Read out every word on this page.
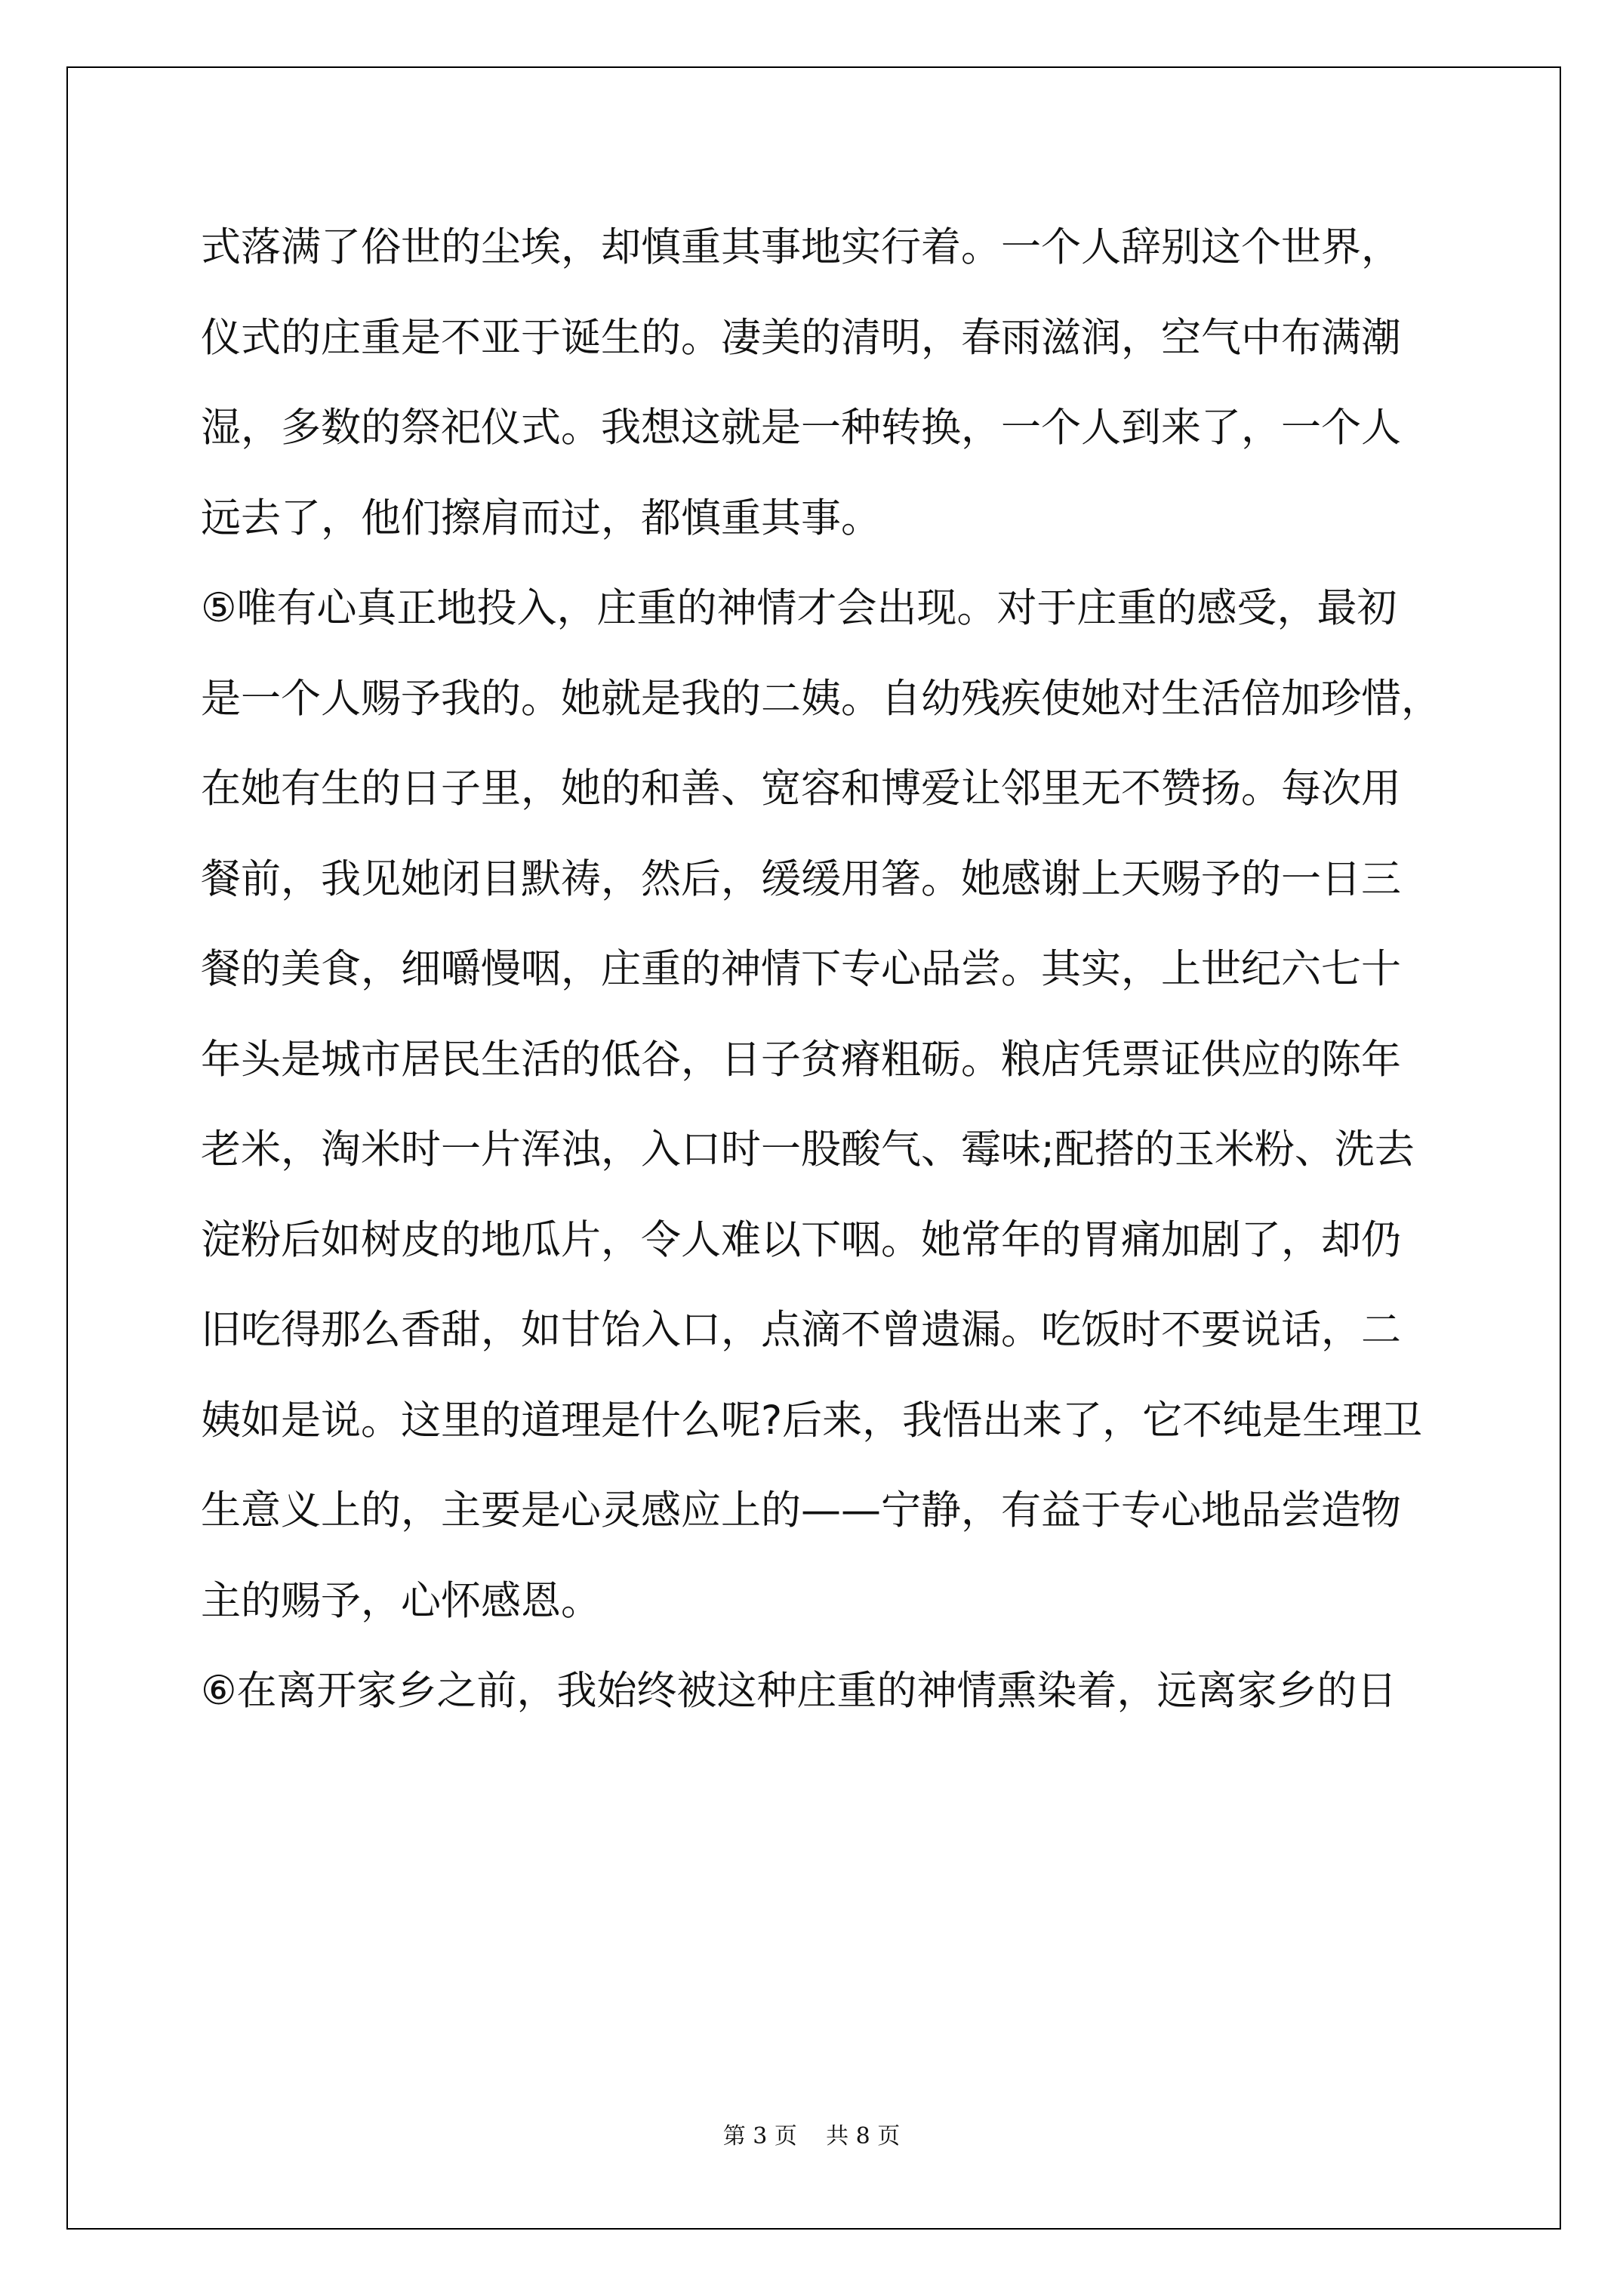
式落满了俗世的尘埃，却慎重其事地实行着。一个人辞别这个世界，
仪式的庄重是不亚于诞生的。凄美的清明，春雨滋润，空气中布满潮
湿，多数的祭祀仪式。我想这就是一种转换，一个人到来了，一个人
远去了，他们擦肩而过，都慎重其事。
⑤唯有心真正地投入，庄重的神情才会出现。对于庄重的感受，最初
是一个人赐予我的。她就是我的二姨。自幼残疾使她对生活倍加珍惜，
在她有生的日子里，她的和善、宽容和博爱让邻里无不赞扬。每次用
餐前，我见她闭目默祷，然后，缓缓用箸。她感谢上天赐予的一日三
餐的美食，细嚼慢咽，庄重的神情下专心品尝。其实，上世纪六七十
年头是城市居民生活的低谷，日子贫瘠粗砺。粮店凭票证供应的陈年
老米，淘米时一片浑浊，入口时一股酸气、霉味;配搭的玉米粉、洗去
淀粉后如树皮的地瓜片，令人难以下咽。她常年的胃痛加剧了，却仍
旧吃得那么香甜，如甘饴入口，点滴不曾遗漏。吃饭时不要说话，二
姨如是说。这里的道理是什么呢?后来，我悟出来了，它不纯是生理卫
生意义上的，主要是心灵感应上的——宁静，有益于专心地品尝造物
主的赐予，心怀感恩。
⑥在离开家乡之前，我始终被这种庄重的神情熏染着，远离家乡的日
第 3 页 共 8 页
